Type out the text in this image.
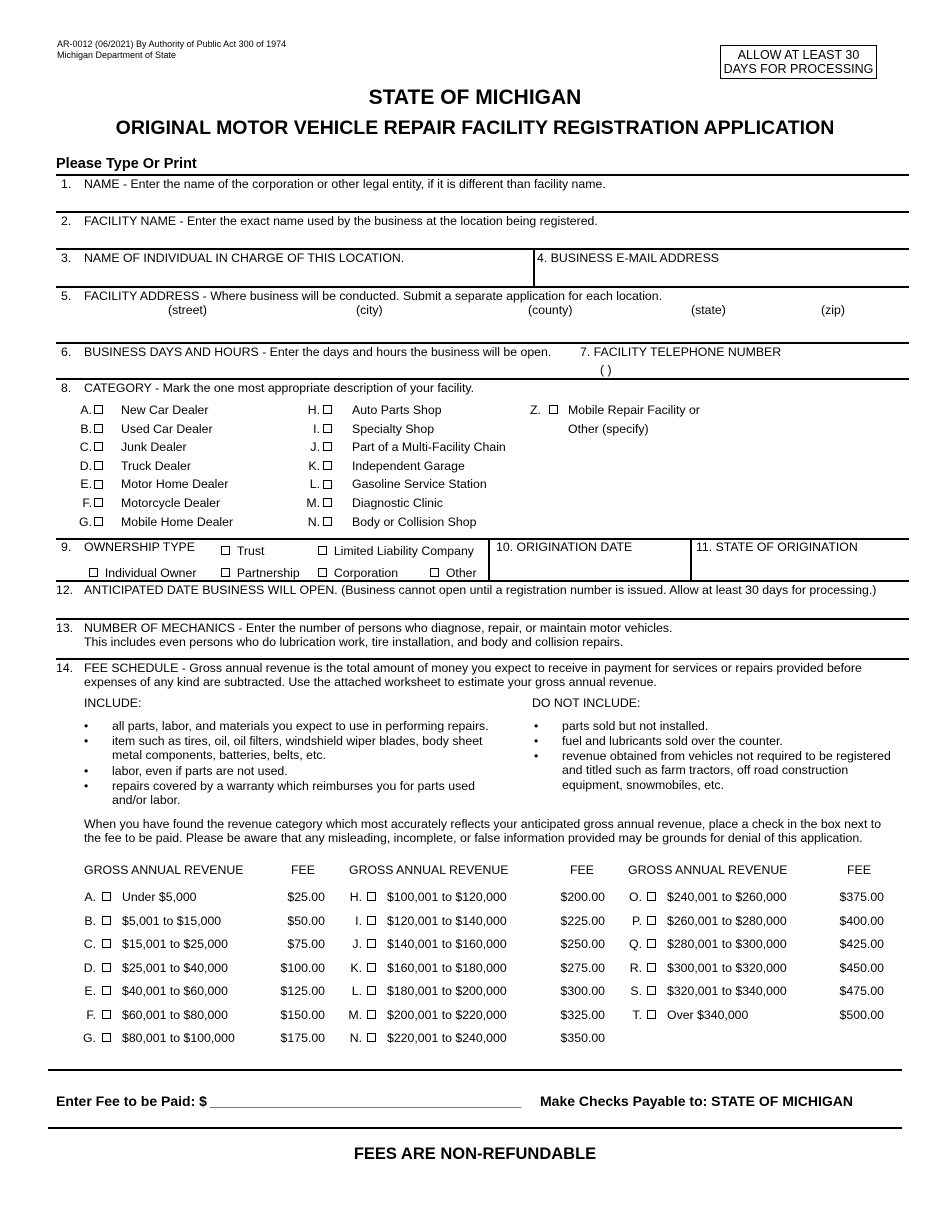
AR-0012 (06/2021) By Authority of Public Act 300 of 1974
Michigan Department of State	ALLOW AT LEAST 30
DAYS FOR PROCESSING
STATE OF MICHIGAN
ORIGINAL MOTOR VEHICLE REPAIR FACILITY REGISTRATION APPLICATION
Please Type Or Print
1. NAME - Enter the name of the corporation or other legal entity, if it is different than facility name.
2. FACILITY NAME - Enter the exact name used by the business at the location being registered.
3. NAME OF INDIVIDUAL IN CHARGE OF THIS LOCATION.	4. BUSINESS E-MAIL ADDRESS
5. FACILITY ADDRESS - Where business will be conducted. Submit a separate application for each location.
(street)	(city)	(county)	(state)	(zip)
6. BUSINESS DAYS AND HOURS - Enter the days and hours the business will be open. 7. FACILITY TELEPHONE NUMBER
( )
8. CATEGORY - Mark the one most appropriate description of your facility.
A. New Car Dealer
B. Used Car Dealer
C. Junk Dealer
D. Truck Dealer
E. Motor Home Dealer
F. Motorcycle Dealer
G. Mobile Home Dealer
H.	Auto Parts Shop
I.	Specialty Shop
J.	Part of a Multi-Facility Chain
K.	Independent Garage
L.	Gasoline Service Station
M.	Diagnostic Clinic
N.	Body or Collision Shop
Z. Mobile Repair Facility or
Other (specify)
9. OWNERSHIP TYPE	Trust	Limited Liability Company
Individual Owner	Partnership	Corporation	Other
10. ORIGINATION DATE	11. STATE OF ORIGINATION
12. ANTICIPATED DATE BUSINESS WILL OPEN. (Business cannot open until a registration number is issued. Allow at least 30 days for processing.)
13. NUMBER OF MECHANICS - Enter the number of persons who diagnose, repair, or maintain motor vehicles.
This includes even persons who do lubrication work, tire installation, and body and collision repairs.
14. FEE SCHEDULE - Gross annual revenue is the total amount of money you expect to receive in payment for services or repairs provided before
expenses of any kind are subtracted. Use the attached worksheet to estimate your gross annual revenue.
INCLUDE:	DO NOT INCLUDE:
• all parts, labor, and materials you expect to use in performing repairs.
• item such as tires, oil, oil filters, windshield wiper blades, body sheet
metal components, batteries, belts, etc.
• labor, even if parts are not used.
• repairs covered by a warranty which reimburses you for parts used
and/or labor.
• parts sold but not installed.
• fuel and lubricants sold over the counter.
• revenue obtained from vehicles not required to be registered
and titled such as farm tractors, off road construction
equipment, snowmobiles, etc.
When you have found the revenue category which most accurately reflects your anticipated gross annual revenue, place a check in the box next to
the fee to be paid. Please be aware that any misleading, incomplete, or false information provided may be grounds for denial of this application.
GROSS ANNUAL REVENUE	FEE	GROSS ANNUAL REVENUE	FEE	GROSS ANNUAL REVENUE	FEE
A. Under $5,000	$25.00
B. $5,001 to $15,000	$50.00
C. $15,001 to $25,000	$75.00
D. $25,001 to $40,000	$100.00
E. $40,001 to $60,000	$125.00
F. $60,001 to $80,000	$150.00
G. $80,001 to $100,000	$175.00
H. $100,001 to $120,000	$200.00
I. $120,001 to $140,000	$225.00
J. $140,001 to $160,000	$250.00
K. $160,001 to $180,000	$275.00
L. $180,001 to $200,000	$300.00
M. $200,001 to $220,000	$325.00
N. $220,001 to $240,000	$350.00
O. $240,001 to $260,000	$375.00
P. $260,001 to $280,000	$400.00
Q. $280,001 to $300,000	$425.00
R. $300,001 to $320,000	$450.00
S. $320,001 to $340,000	$475.00
T. Over $340,000	$500.00
Enter Fee to be Paid: $ ________________________________________ Make Checks Payable to: STATE OF MICHIGAN
FEES ARE NON-REFUNDABLE
